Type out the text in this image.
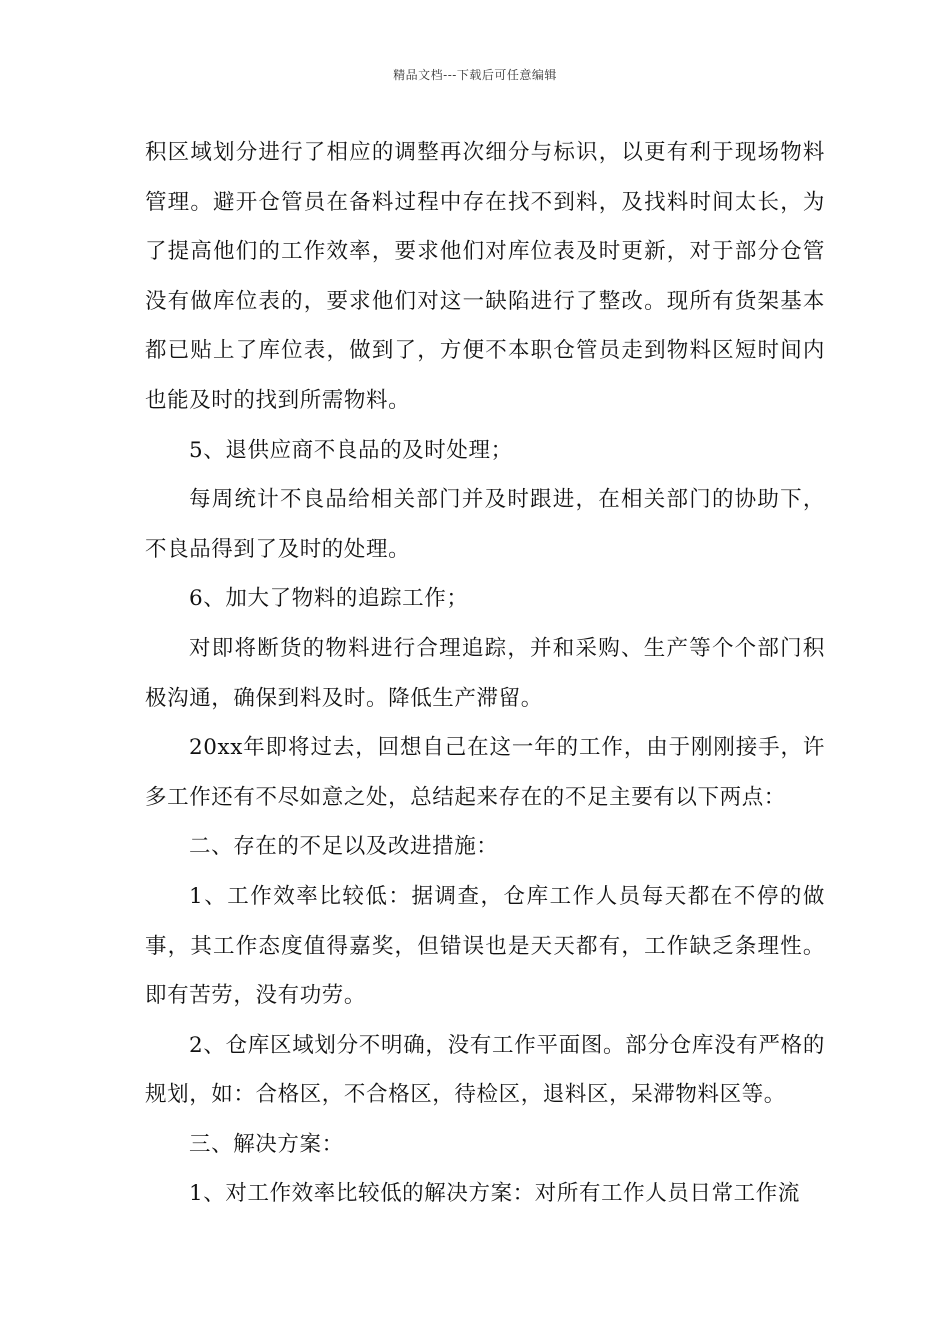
精品文档---下载后可任意编辑

积区域划分进行了相应的调整再次细分与标识，以更有利于现场物料管理。避开仓管员在备料过程中存在找不到料，及找料时间太长，为了提高他们的工作效率，要求他们对库位表及时更新，对于部分仓管没有做库位表的，要求他们对这一缺陷进行了整改。现所有货架基本都已贴上了库位表，做到了，方便不本职仓管员走到物料区短时间内也能及时的找到所需物料。

5、退供应商不良品的及时处理；

每周统计不良品给相关部门并及时跟进，在相关部门的协助下，不良品得到了及时的处理。

6、加大了物料的追踪工作；

对即将断货的物料进行合理追踪，并和采购、生产等个个部门积极沟通，确保到料及时。降低生产滞留。

20xx年即将过去，回想自己在这一年的工作，由于刚刚接手，许多工作还有不尽如意之处，总结起来存在的不足主要有以下两点：

二、存在的不足以及改进措施：

1、工作效率比较低：据调查，仓库工作人员每天都在不停的做事，其工作态度值得嘉奖，但错误也是天天都有，工作缺乏条理性。即有苦劳，没有功劳。

2、仓库区域划分不明确，没有工作平面图。部分仓库没有严格的规划，如：合格区，不合格区，待检区，退料区，呆滞物料区等。

三、解决方案：

1、对工作效率比较低的解决方案：对所有工作人员日常工作流
